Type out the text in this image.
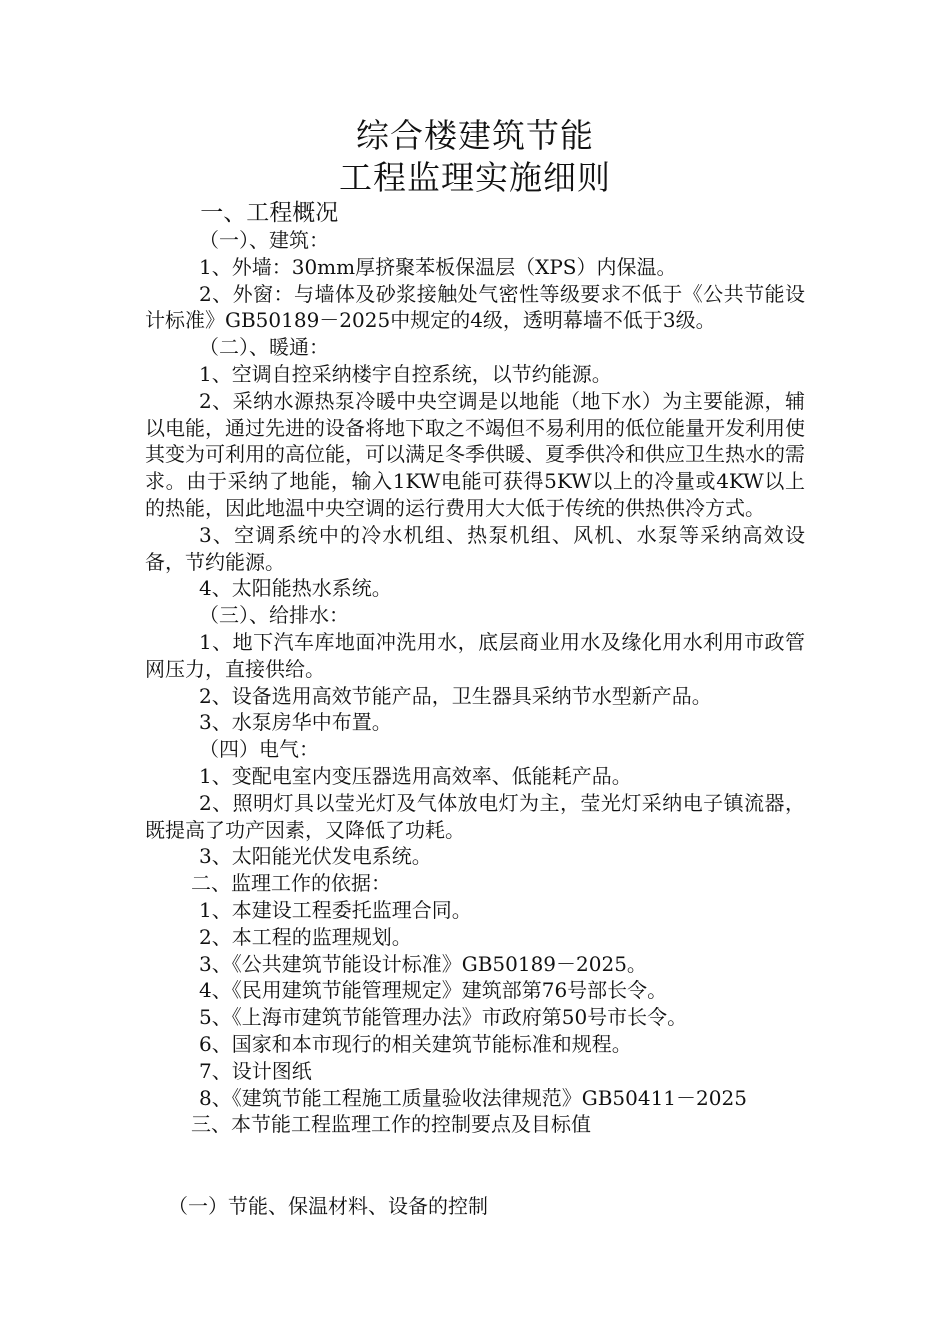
综合楼建筑节能
工程监理实施细则

一、工程概况

（一）、建筑：

1、外墙：30mm厚挤聚苯板保温层（XPS）内保温。

2、外窗：与墙体及砂浆接触处气密性等级要求不低于《公共节能设计标准》GB50189－2025中规定的4级，透明幕墙不低于3级。

（二）、暖通：

1、空调自控采纳楼宇自控系统，以节约能源。

2、采纳水源热泵冷暖中央空调是以地能（地下水）为主要能源，辅以电能，通过先进的设备将地下取之不竭但不易利用的低位能量开发利用使其变为可利用的高位能，可以满足冬季供暖、夏季供冷和供应卫生热水的需求。由于采纳了地能，输入1KW电能可获得5KW以上的冷量或4KW以上的热能，因此地温中央空调的运行费用大大低于传统的供热供冷方式。

3、空调系统中的冷水机组、热泵机组、风机、水泵等采纳高效设备，节约能源。

4、太阳能热水系统。

（三）、给排水：

1、地下汽车库地面冲洗用水，底层商业用水及缘化用水利用市政管网压力，直接供给。

2、设备选用高效节能产品，卫生器具采纳节水型新产品。

3、水泵房华中布置。

（四）电气：

1、变配电室内变压器选用高效率、低能耗产品。

2、照明灯具以莹光灯及气体放电灯为主，莹光灯采纳电子镇流器，既提高了功产因素，又降低了功耗。

3、太阳能光伏发电系统。

二、监理工作的依据：

1、本建设工程委托监理合同。

2、本工程的监理规划。

3、《公共建筑节能设计标准》GB50189－2025。

4、《民用建筑节能管理规定》建筑部第76号部长令。

5、《上海市建筑节能管理办法》市政府第50号市长令。

6、国家和本市现行的相关建筑节能标准和规程。

7、设计图纸

8、《建筑节能工程施工质量验收法律规范》GB50411－2025

三、本节能工程监理工作的控制要点及目标值

（一）节能、保温材料、设备的控制
